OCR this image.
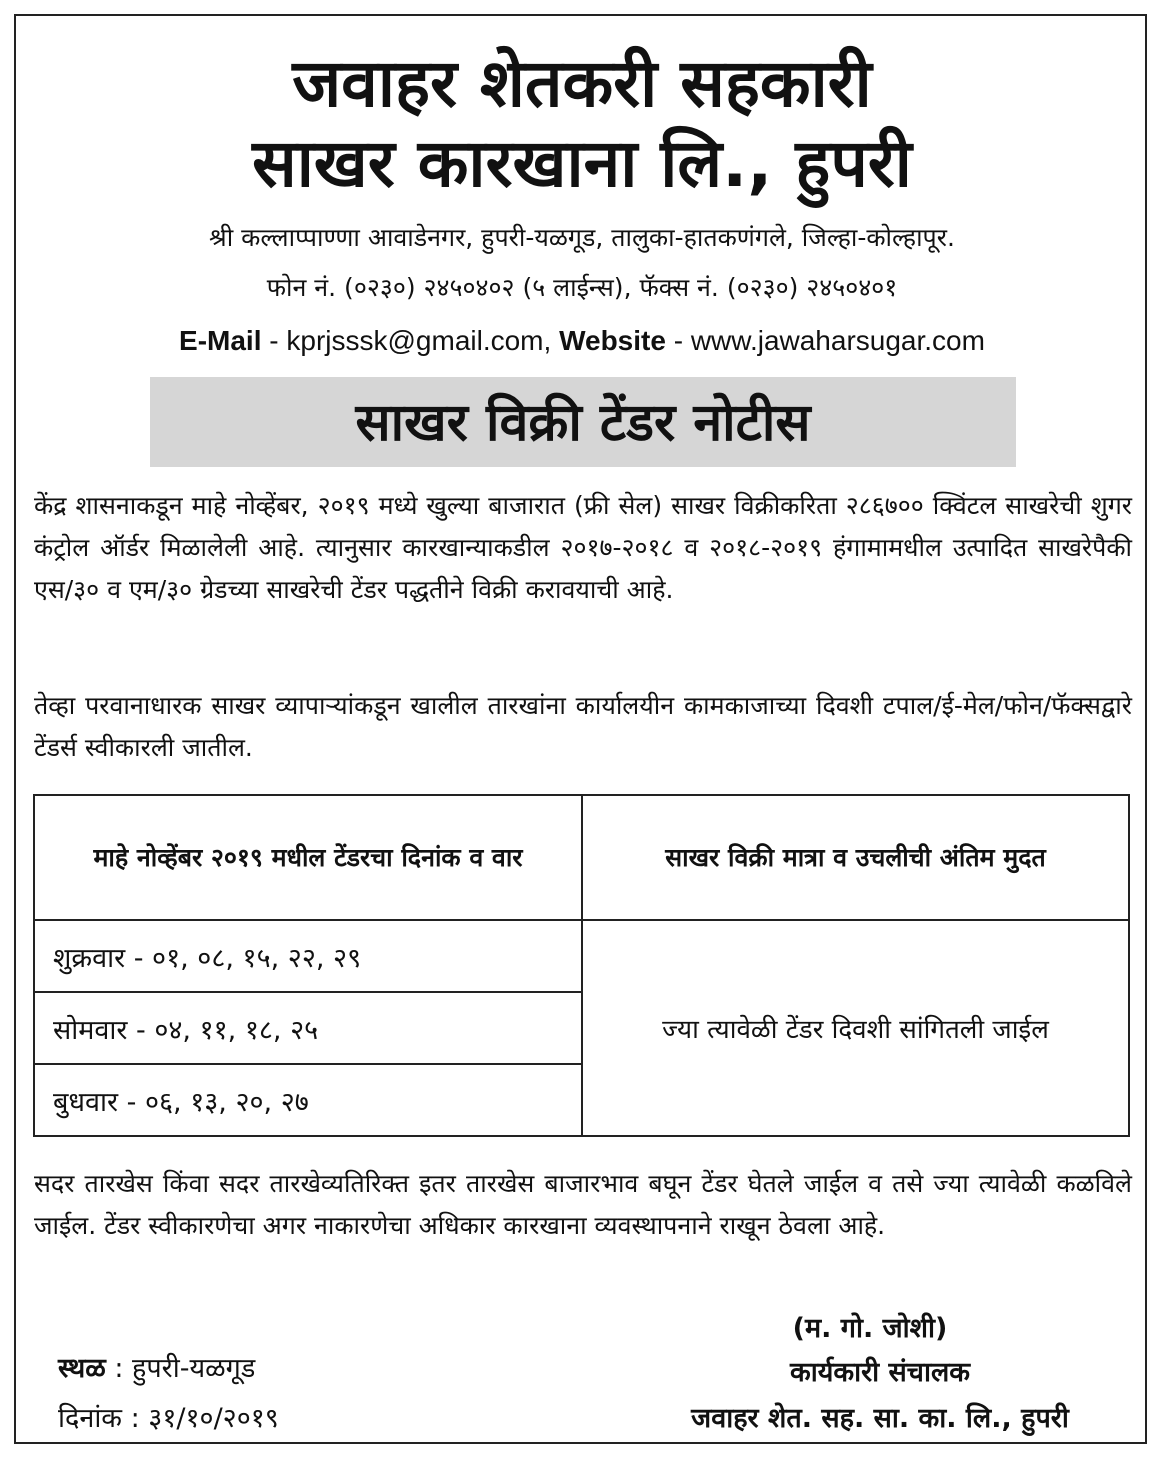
जवाहर शेतकरी सहकारी
साखर कारखाना लि., हुपरी
श्री कल्लाप्पाण्णा आवाडेनगर, हुपरी-यळगूड, तालुका-हातकणंगले, जिल्हा-कोल्हापूर.
फोन नं. (०२३०) २४५०४०२ (५ लाईन्स), फॅक्स नं. (०२३०) २४५०४०१
E-Mail - kprjsssk@gmail.com, Website - www.jawaharsugar.com
साखर विक्री टेंडर नोटीस
केंद्र शासनाकडून माहे नोव्हेंबर, २०१९ मध्ये खुल्या बाजारात (फ्री सेल) साखर विक्रीकरिता २८६७०० क्विंटल साखरेची शुगर कंट्रोल ऑर्डर मिळालेली आहे. त्यानुसार कारखान्याकडील २०१७-२०१८ व २०१८-२०१९ हंगामामधील उत्पादित साखरेपैकी एस/३० व एम/३० ग्रेडच्या साखरेची टेंडर पद्धतीने विक्री करावयाची आहे.
तेव्हा परवानाधारक साखर व्यापाऱ्यांकडून खालील तारखांना कार्यालयीन कामकाजाच्या दिवशी टपाल/ई-मेल/फोन/फॅक्सद्वारे टेंडर्स स्वीकारली जातील.
माहे नोव्हेंबर २०१९ मधील टेंडरचा दिनांक व वार	साखर विक्री मात्रा व उचलीची अंतिम मुदत
शुक्रवार - ०१, ०८, १५, २२, २९	ज्या त्यावेळी टेंडर दिवशी सांगितली जाईल
सोमवार - ०४, ११, १८, २५	
बुधवार - ०६, १३, २०, २७	
सदर तारखेस किंवा सदर तारखेव्यतिरिक्त इतर तारखेस बाजारभाव बघून टेंडर घेतले जाईल व तसे ज्या त्यावेळी कळविले जाईल. टेंडर स्वीकारणेचा अगर नाकारणेचा अधिकार कारखाना व्यवस्थापनाने राखून ठेवला आहे.
स्थळ : हुपरी-यळगूड
दिनांक : ३१/१०/२०१९
(म. गो. जोशी)
कार्यकारी संचालक
जवाहर शेत. सह. सा. का. लि., हुपरी
